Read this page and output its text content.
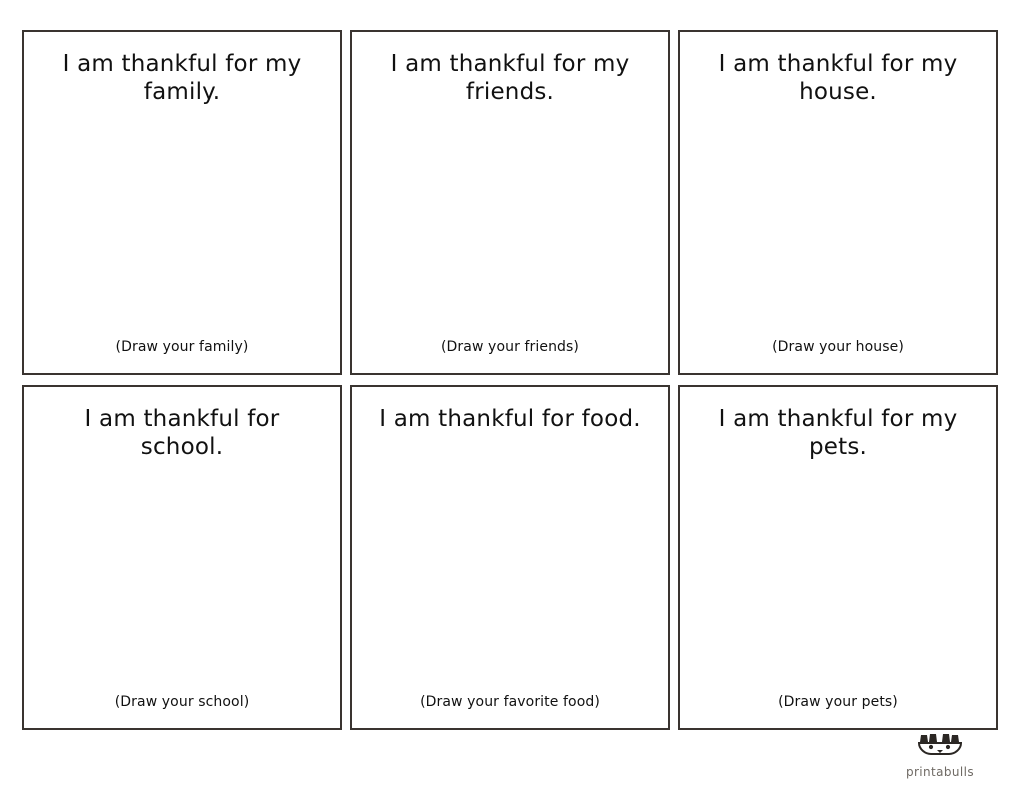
I am thankful for my family.
(Draw your family)
I am thankful for my friends.
(Draw your friends)
I am thankful for my house.
(Draw your house)
I am thankful for school.
(Draw your school)
I am thankful for food.
(Draw your favorite food)
I am thankful for my pets.
(Draw your pets)
printabulls
